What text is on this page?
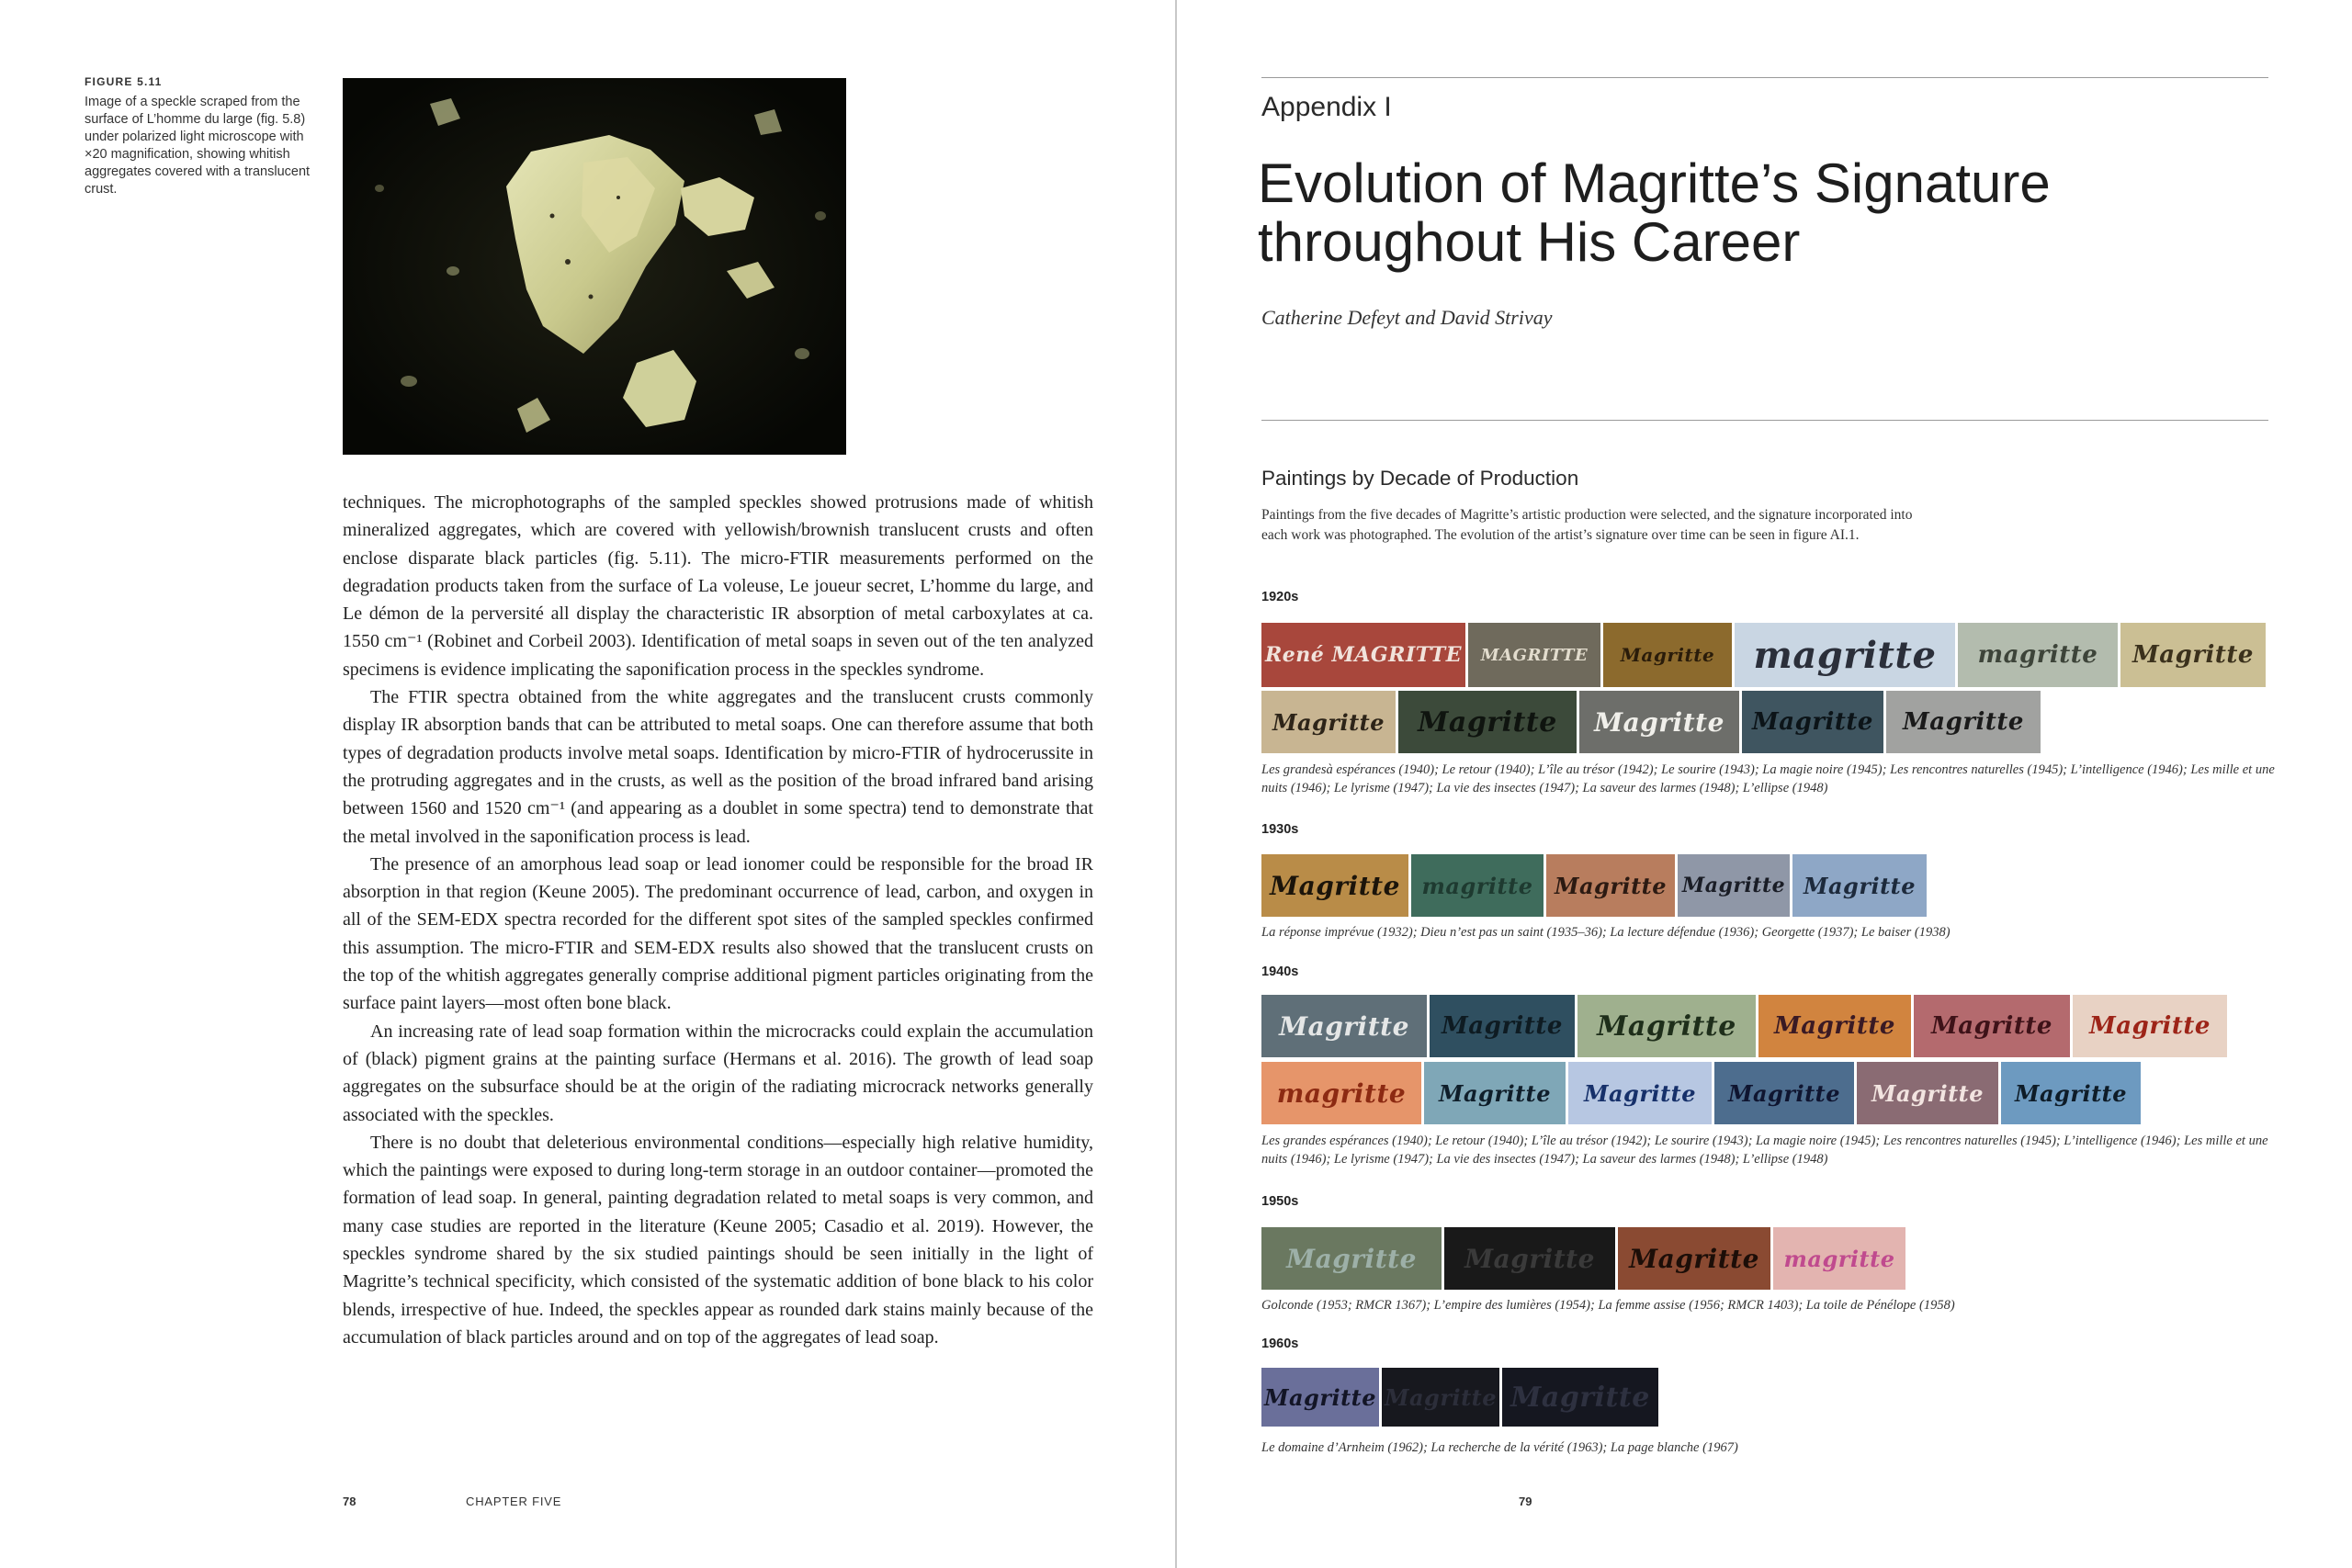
FIGURE 5.11
Image of a speckle scraped from the surface of L’homme du large (fig. 5.8) under polarized light microscope with ×20 magnification, showing whitish aggregates covered with a translucent crust.

techniques. The microphotographs of the sampled speckles showed protrusions made of whitish mineralized aggregates, which are covered with yellowish/brownish translucent crusts and often enclose disparate black particles (fig. 5.11). The micro-FTIR measurements performed on the degradation products taken from the surface of La voleuse, Le joueur secret, L’homme du large, and Le démon de la perversité all display the characteristic IR absorption of metal carboxylates at ca. 1550 cm⁻¹ (Robinet and Corbeil 2003). Identification of metal soaps in seven out of the ten analyzed specimens is evidence implicating the saponification process in the speckles syndrome.

The FTIR spectra obtained from the white aggregates and the translucent crusts commonly display IR absorption bands that can be attributed to metal soaps. One can therefore assume that both types of degradation products involve metal soaps. Identification by micro-FTIR of hydrocerussite in the protruding aggregates and in the crusts, as well as the position of the broad infrared band arising between 1560 and 1520 cm⁻¹ (and appearing as a doublet in some spectra) tend to demonstrate that the metal involved in the saponification process is lead.

The presence of an amorphous lead soap or lead ionomer could be responsible for the broad IR absorption in that region (Keune 2005). The predominant occurrence of lead, carbon, and oxygen in all of the SEM-EDX spectra recorded for the different spot sites of the sampled speckles confirmed this assumption. The micro-FTIR and SEM-EDX results also showed that the translucent crusts on the top of the whitish aggregates generally comprise additional pigment particles originating from the surface paint layers—most often bone black.

An increasing rate of lead soap formation within the microcracks could explain the accumulation of (black) pigment grains at the painting surface (Hermans et al. 2016). The growth of lead soap aggregates on the subsurface should be at the origin of the radiating microcrack networks generally associated with the speckles.

There is no doubt that deleterious environmental conditions—especially high relative humidity, which the paintings were exposed to during long-term storage in an outdoor container—promoted the formation of lead soap. In general, painting degradation related to metal soaps is very common, and many case studies are reported in the literature (Keune 2005; Casadio et al. 2019). However, the speckles syndrome shared by the six studied paintings should be seen initially in the light of Magritte’s technical specificity, which consisted of the systematic addition of bone black to his color blends, irrespective of hue. Indeed, the speckles appear as rounded dark stains mainly because of the accumulation of black particles around and on top of the aggregates of lead soap.

78	CHAPTER FIVE
Appendix I
Evolution of Magritte’s Signature
throughout His Career
Catherine Defeyt and David Strivay
Paintings by Decade of Production
Paintings from the five decades of Magritte’s artistic production were selected, and the signature incorporated into each work was photographed. The evolution of the artist’s signature over time can be seen in figure AI.1.
1920s
René MAGRITTE MAGRITTE Magritte magritte magritte Magritte
Magritte Magritte Magritte Magritte Magritte
Les grandesà espérances (1940); Le retour (1940); L’île au trésor (1942); Le sourire (1943); La magie noire (1945); Les rencontres naturelles (1945); L’intelligence (1946); Les mille et une nuits (1946); Le lyrisme (1947); La vie des insectes (1947); La saveur des larmes (1948); L’ellipse (1948)
1930s
Magritte magritte Magritte Magritte Magritte
La réponse imprévue (1932); Dieu n’est pas un saint (1935–36); La lecture défendue (1936); Georgette (1937); Le baiser (1938)
1940s
Magritte Magritte Magritte Magritte Magritte Magritte
magritte Magritte Magritte Magritte Magritte Magritte
Les grandes espérances (1940); Le retour (1940); L’île au trésor (1942); Le sourire (1943); La magie noire (1945); Les rencontres naturelles (1945); L’intelligence (1946); Les mille et une nuits (1946); Le lyrisme (1947); La vie des insectes (1947); La saveur des larmes (1948); L’ellipse (1948)
1950s
Magritte Magritte Magritte magritte
Golconde (1953; RMCR 1367); L’empire des lumières (1954); La femme assise (1956; RMCR 1403); La toile de Pénélope (1958)
1960s
Magritte Magritte Magritte
Le domaine d’Arnheim (1962); La recherche de la vérité (1963); La page blanche (1967)
79
